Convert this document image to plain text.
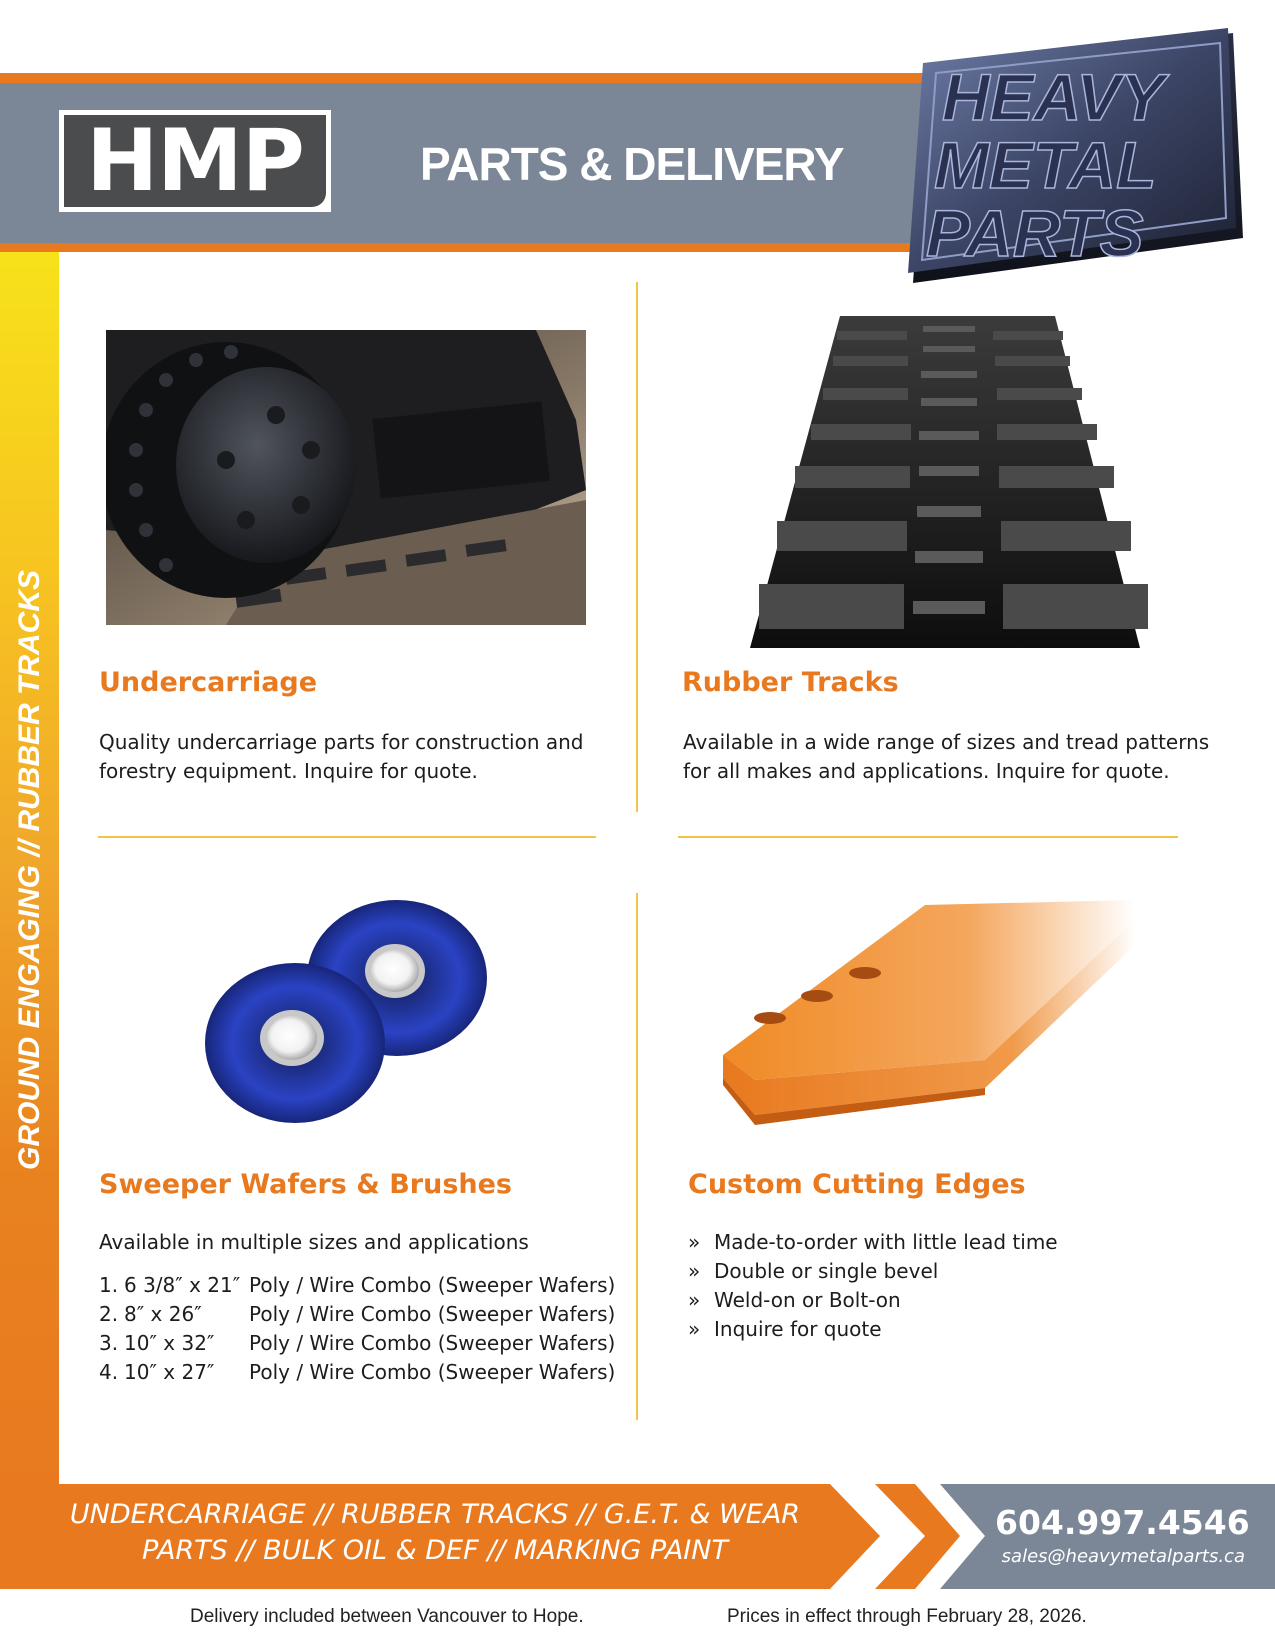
HMP	PARTS & DELIVERY
HEAVY
METAL
PARTS
GROUND ENGAGING // RUBBER TRACKS Undercarriage
Quality undercarriage parts for construction and
forestry equipment. Inquire for quote.
Rubber Tracks
Available in a wide range of sizes and tread patterns
for all makes and applications. Inquire for quote.
Sweeper Wafers & Brushes
Available in multiple sizes and applications
1. 6 3/8″ x 21″ Poly / Wire Combo (Sweeper Wafers)
2. 8″ x 26″ Poly / Wire Combo (Sweeper Wafers)
3. 10″ x 32″ Poly / Wire Combo (Sweeper Wafers)
4. 10″ x 27″ Poly / Wire Combo (Sweeper Wafers)
Custom Cutting Edges
» Made-to-order with little lead time
» Double or single bevel
» Weld-on or Bolt-on
» Inquire for quote
UNDERCARRIAGE // RUBBER TRACKS // G.E.T. & WEAR
PARTS // BULK OIL & DEF // MARKING PAINT
604.997.4546
sales@heavymetalparts.ca
Delivery included between Vancouver to Hope.	Prices in effect through February 28, 2026.
